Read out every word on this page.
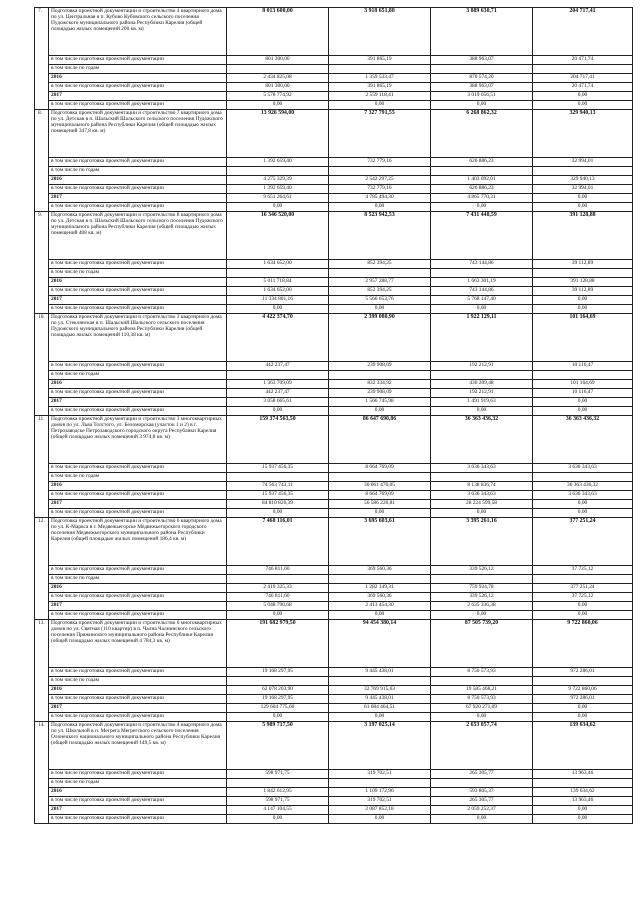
7.	Подготовка проектной документации и строительство 4 квартирного дома по ул. Центральная в п. Кубово Кубовского сельского поселения Пудожского муниципального района Республики Карелия (общей площадью жилых помещений 200 кв. м)	8 013 600,00	3 918 651,88	3 889 630,71	204 717,41
	в том числе подготовка проектной документации	801 300,00	391 865,19	388 963,07	20 471,74
	в том числе по годам				
	2016	2 434 825,08	1 359 533,47	870 574,20	204 717,41
	в том числе подготовка проектной документации	801 300,00	391 865,19	388 963,07	20 471,74
	2017	5 578 774,92	2 559 118,41	3 019 056,51	0,00
	в том числе подготовка проектной документации	0,00	0,00	0,00	0,00
8.	Подготовка проектной документации и строительство 7 квартирного дома по ул. Детская в п. Шальский Шальского сельского поселения Пудожского муниципального района Республики Карелия (общей площадью жилых помещений 347,8 кв. м)	13 926 594,00	7 327 791,55	6 268 862,32	329 940,13
	в том числе подготовка проектной документации	1 392 659,40	732 779,16	626 886,23	32 994,01
	в том числе по годам				
	2016	4 275 329,39	2 542 297,25	1 403 092,01	329 940,13
	в том числе подготовка проектной документации	1 392 659,40	732 779,16	626 886,23	32 994,01
	2017	9 651 264,61	4 785 494,30	4 865 770,31	0,00
	в том числе подготовка проектной документации	0,00	0,00	0,00	0,00
9.	Подготовка проектной документации и строительство 8 квартирного дома по ул. Детская в п. Шальский Шальского сельского поселения Пудожского муниципального района Республики Карелия (общей площадью жилых помещений 408 кв. м)	16 346 520,00	8 523 942,53	7 431 448,59	391 128,88
	в том числе подготовка проектной документации	1 634 652,00	852 394,25	743 144,86	39 112,89
	в том числе по годам				
	2016	5 011 718,84	2 957 288,77	1 663 301,19	391 128,88
	в том числе подготовка проектной документации	1 634 652,00	852 394,25	743 144,86	39 112,89
	2017	11 334 801,16	5 566 653,76	5 768 147,40	0,00
	в том числе подготовка проектной документации	0,00	0,00	0,00	0,00
10.	Подготовка проектной документации и строительство 3 квартирного дома по ул. Стеклянская в п. Шальский Шальского сельского поселения Пудожского муниципального района Республики Карелия (общей площадью жилых помещений 110,38 кв. м)	4 422 374,70	2 399 080,90	1 922 129,11	101 164,69
	в том числе подготовка проектной документации	442 237,47	239 908,09	192 212,91	10 116,47
	в том числе по годам				
	2016	1 363 709,09	832 334,92	430 209,48	101 164,69
	в том числе подготовка проектной документации	442 237,47	239 908,09	192 212,91	10 116,47
	2017	3 058 665,61	1 566 745,98	1 491 919,63	0,00
	в том числе подготовка проектной документации	0,00	0,00	0,00	0,00
11.	Подготовка проектной документации и строительство 3 многоквартирных домов по ул. Льва Толстого, ул. Беломорская (участок 1 и 2) в г. Петрозаводске Петрозаводского городского округа Республики Карелия (общей площадью жилых помещений 3 974,8 кв. м)	159 374 563,50	86 647 690,86	36 363 436,32	36 363 436,32
	в том числе подготовка проектной документации	15 937 456,35	8 664 769,09	3 636 343,63	3 636 343,63
	в том числе по годам				
	2016	74 563 743,11	30 061 470,05	8 138 836,74	36 363 436,32
	в том числе подготовка проектной документации	15 937 456,35	8 664 769,09	3 636 343,63	3 636 343,63
	2017	84 810 820,39	56 586 220,81	28 224 599,58	0,00
	в том числе подготовка проектной документации	0,00	0,00	0,00	0,00
12.	Подготовка проектной документации и строительство 6 квартирного дома по ул. К-Маркса в г. Медвежьегорске Медвежьегорского городского поселения Медвежьегорского муниципального района Республики Карелия (общей площадью жилых помещений 186,4 кв. м)	7 468 116,01	3 695 603,61	3 395 261,16	377 251,24
	в том числе подготовка проектной документации	746 811,60	369 560,36	339 526,12	37 725,12
	в том числе по годам				
	2016	2 419 325,33	1 282 149,31	759 924,78	377 251,24
	в том числе подготовка проектной документации	746 811,60	369 560,36	339 526,12	37 725,12
	2017	5 048 790,68	2 413 454,30	2 635 336,38	0,00
	в том числе подготовка проектной документации	0,00	0,00	0,00	0,00
13.	Подготовка проектной документации и строительство 6 многоквартирных домов по ул. Святная (110 квартир) в п. Чална Чалнинского сельского поселения Пряжинского муниципального района Республики Карелия (общей площадью жилых помещений 4 784,3 кв. м)	191 682 979,50	94 454 380,14	87 505 739,20	9 722 860,06
	в том числе подготовка проектной документации	19 168 297,95	9 445 438,01	8 750 573,93	972 286,01
	в том числе по годам				
	2016	62 078 203,90	32 769 915,63	19 585 468,21	9 722 860,06
	в том числе подготовка проектной документации	19 168 297,95	9 445 438,01	8 750 573,93	972 286,01
	2017	129 604 775,60	61 684 464,51	67 920 271,09	0,00
	в том числе подготовка проектной документации	0,00	0,00	0,00	0,00
14.	Подготовка проектной документации и строительство 4 квартирного дома по ул. Школьной в п. Мегрега Мегрегского сельского поселения Олонецкого национального муниципального района Республики Карелия (общей площадью жилых помещений 149,5 кв. м)	5 989 717,50	3 197 025,14	2 653 057,74	139 634,62
	в том числе подготовка проектной документации	598 971,75	319 702,51	265 305,77	13 963,46
	в том числе по годам				
	2016	1 842 612,95	1 109 172,96	593 805,37	139 634,62
	в том числе подготовка проектной документации	598 971,75	319 702,51	265 305,77	13 963,46
	2017	4 147 104,55	2 087 852,18	2 059 252,37	0,00
	в том числе подготовка проектной документации	0,00	0,00	0,00	0,00
